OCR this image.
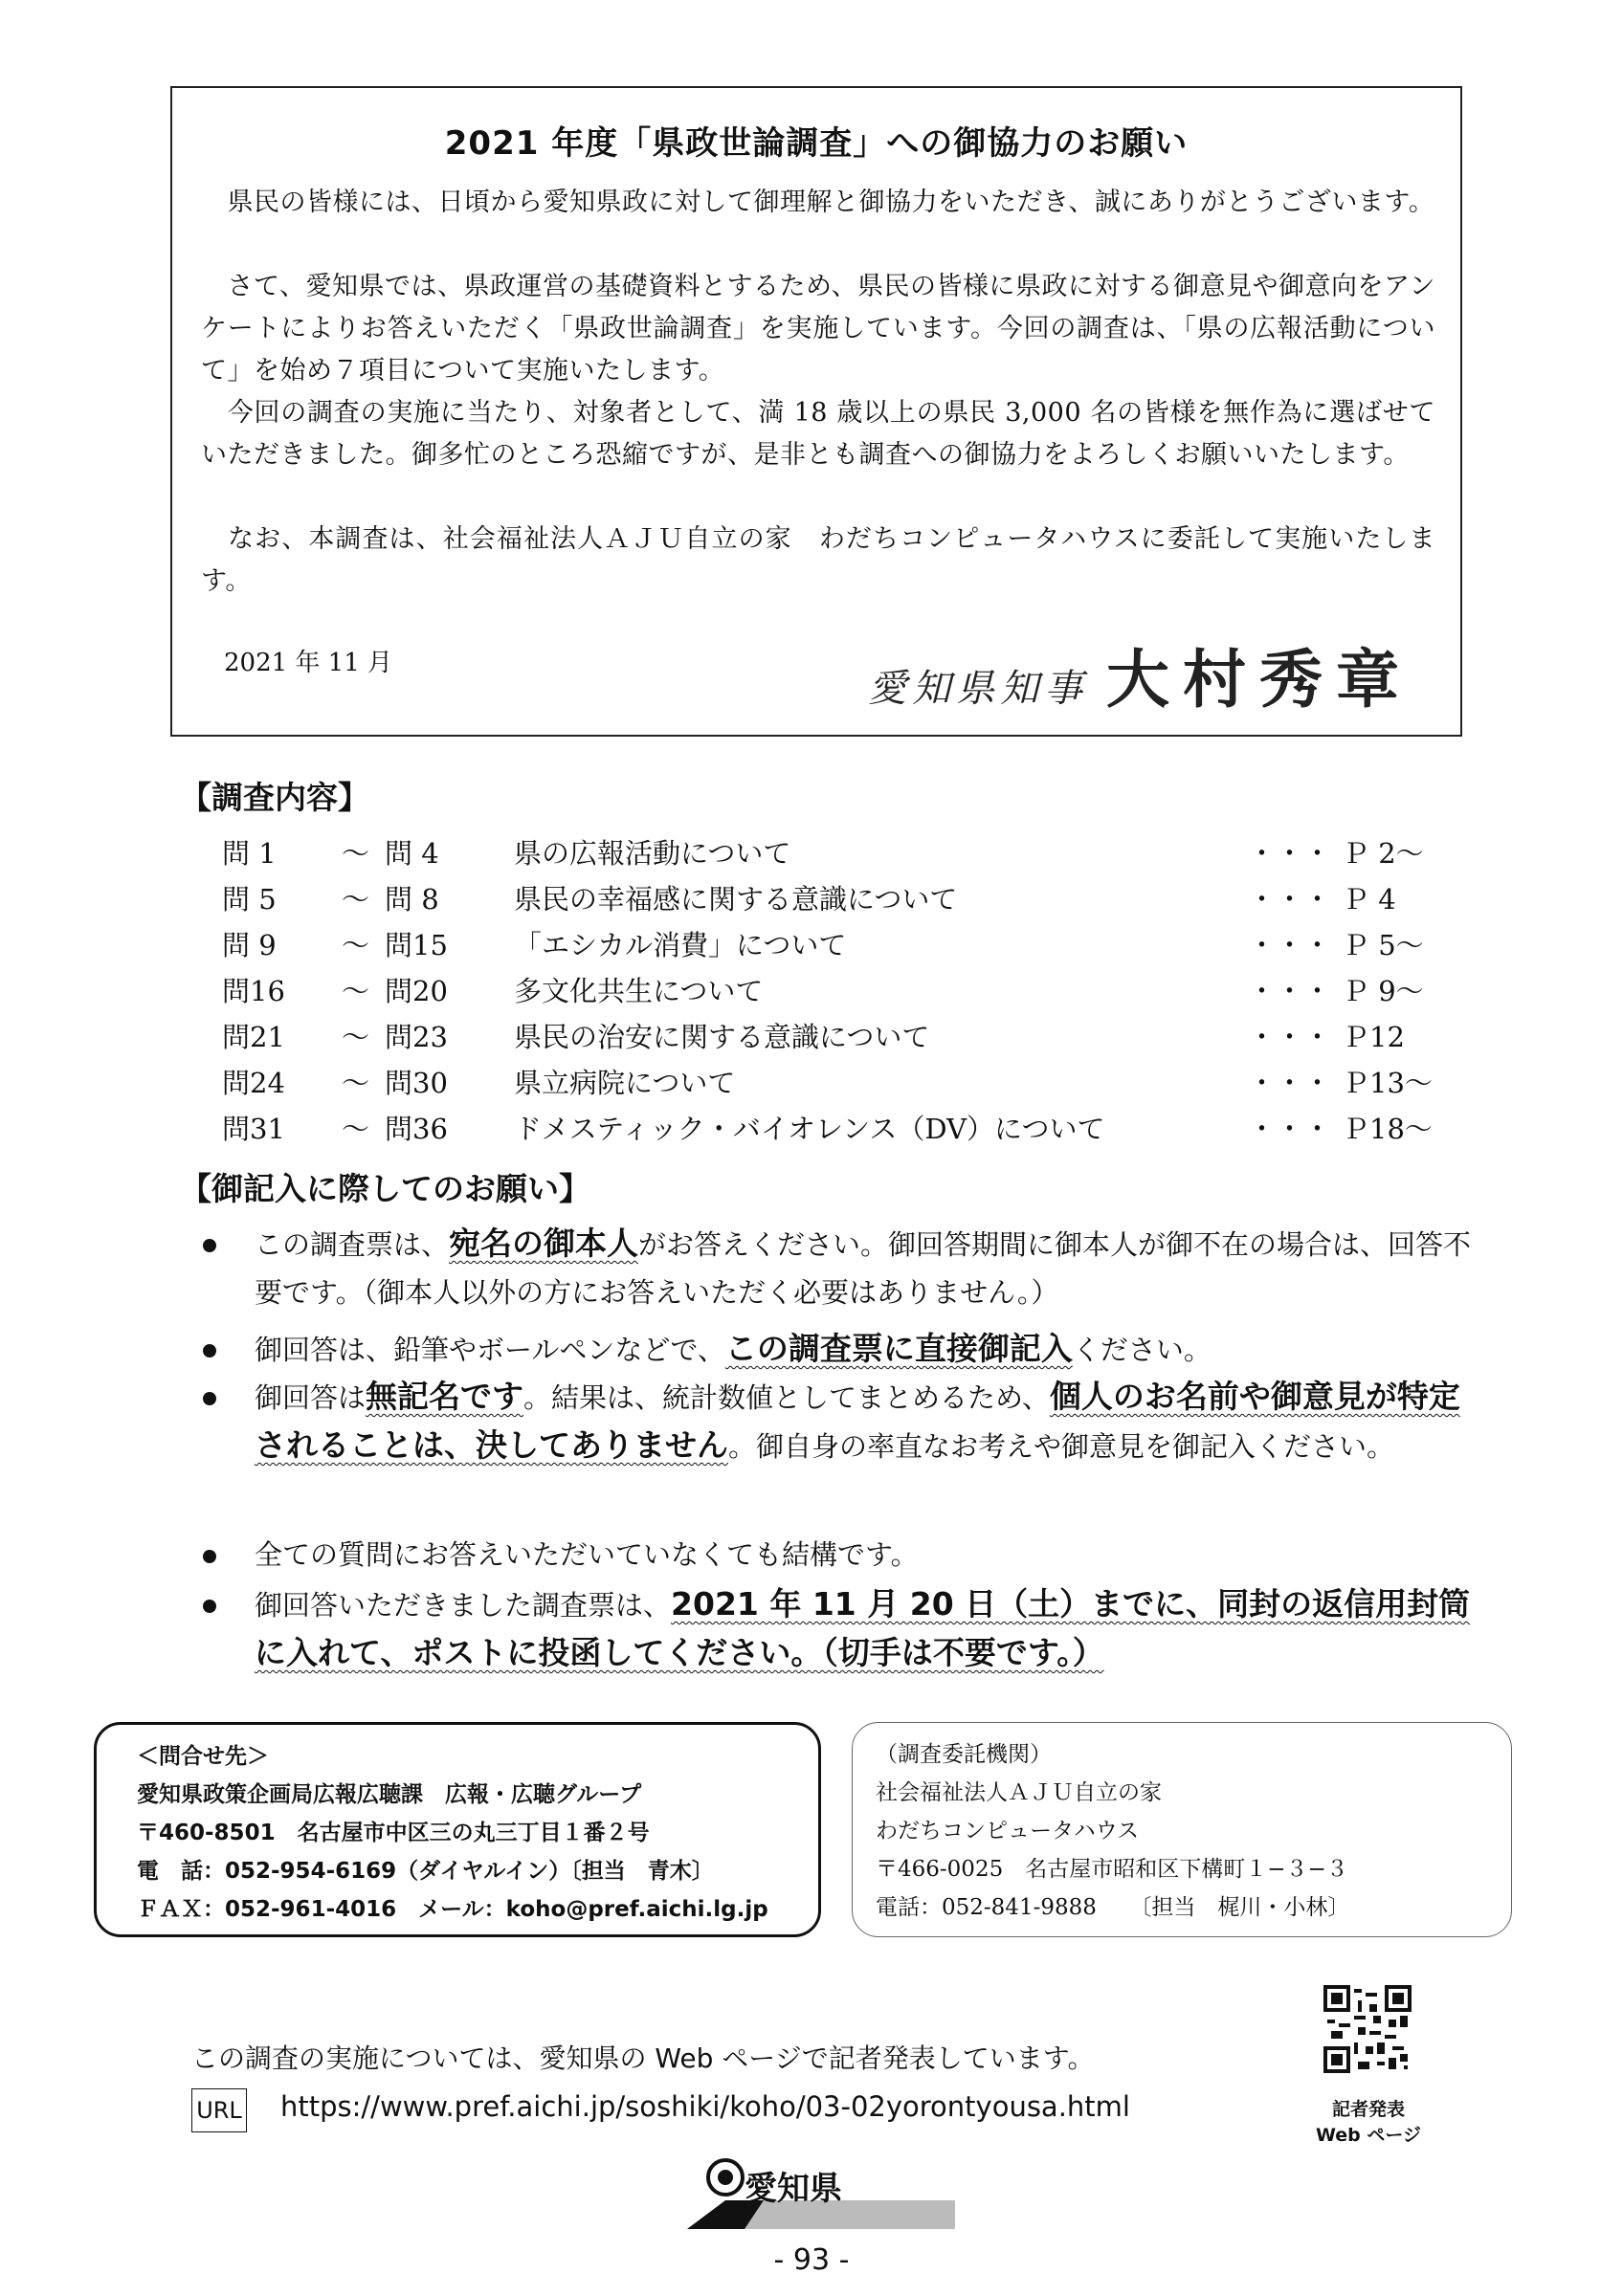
2021 年度「県政世論調査」への御協力のお願い
　県民の皆様には、日頃から愛知県政に対して御理解と御協力をいただき、誠にありがとうございます。
　さて、愛知県では、県政運営の基礎資料とするため、県民の皆様に県政に対する御意見や御意向をアンケートによりお答えいただく「県政世論調査」を実施しています。今回の調査は、「県の広報活動について」を始め７項目について実施いたします。
　今回の調査の実施に当たり、対象者として、満 18 歳以上の県民 3,000 名の皆様を無作為に選ばせていただきました。御多忙のところ恐縮ですが、是非とも調査への御協力をよろしくお願いいたします。
　なお、本調査は、社会福祉法人ＡＪＵ自立の家　わだちコンピュータハウスに委託して実施いたします。
2021 年 11 月
愛知県知事 大村秀章
【調査内容】
問 1 ～ 問 4	県の広報活動について	・・・ Ｐ 2～
問 5 ～ 問 8	県民の幸福感に関する意識について	・・・ Ｐ 4
問 9 ～ 問15 「エシカル消費」について	・・・ Ｐ 5～
問16 ～ 問20 多文化共生について	・・・ Ｐ 9～
問21 ～ 問23 県民の治安に関する意識について	・・・ Ｐ12
問24 ～ 問30 県立病院について	・・・ Ｐ13～
問31 ～ 問36 ドメスティック・バイオレンス（DV）について	・・・ Ｐ18～
【御記入に際してのお願い】
この調査票は、宛名の御本人がお答えください。御回答期間に御本人が御不在の場合は、回答不要です。（御本人以外の方にお答えいただく必要はありません。）
御回答は、鉛筆やボールペンなどで、この調査票に直接御記入ください。
御回答は無記名です。結果は、統計数値としてまとめるため、個人のお名前や御意見が特定されることは、決してありません。御自身の率直なお考えや御意見を御記入ください。
全ての質問にお答えいただいていなくても結構です。
御回答いただきました調査票は、2021 年 11 月 20 日（土）までに、同封の返信用封筒に入れて、ポストに投函してください。（切手は不要です。）
＜問合せ先＞
愛知県政策企画局広報広聴課　広報・広聴グループ
〒460-8501　名古屋市中区三の丸三丁目１番２号
電　話：052-954-6169（ダイヤルイン）〔担当　青木〕
ＦＡＸ：052-961-4016　メール：koho@pref.aichi.lg.jp
（調査委託機関）
社会福祉法人ＡＪＵ自立の家
わだちコンピュータハウス
〒466-0025　名古屋市昭和区下構町１−３−３
電話：052-841-9888　　〔担当　梶川・小林〕
この調査の実施については、愛知県の Web ページで記者発表しています。
URL https://www.pref.aichi.jp/soshiki/koho/03-02yorontyousa.html	記者発表
Web ページ
愛知県
- 93 -
